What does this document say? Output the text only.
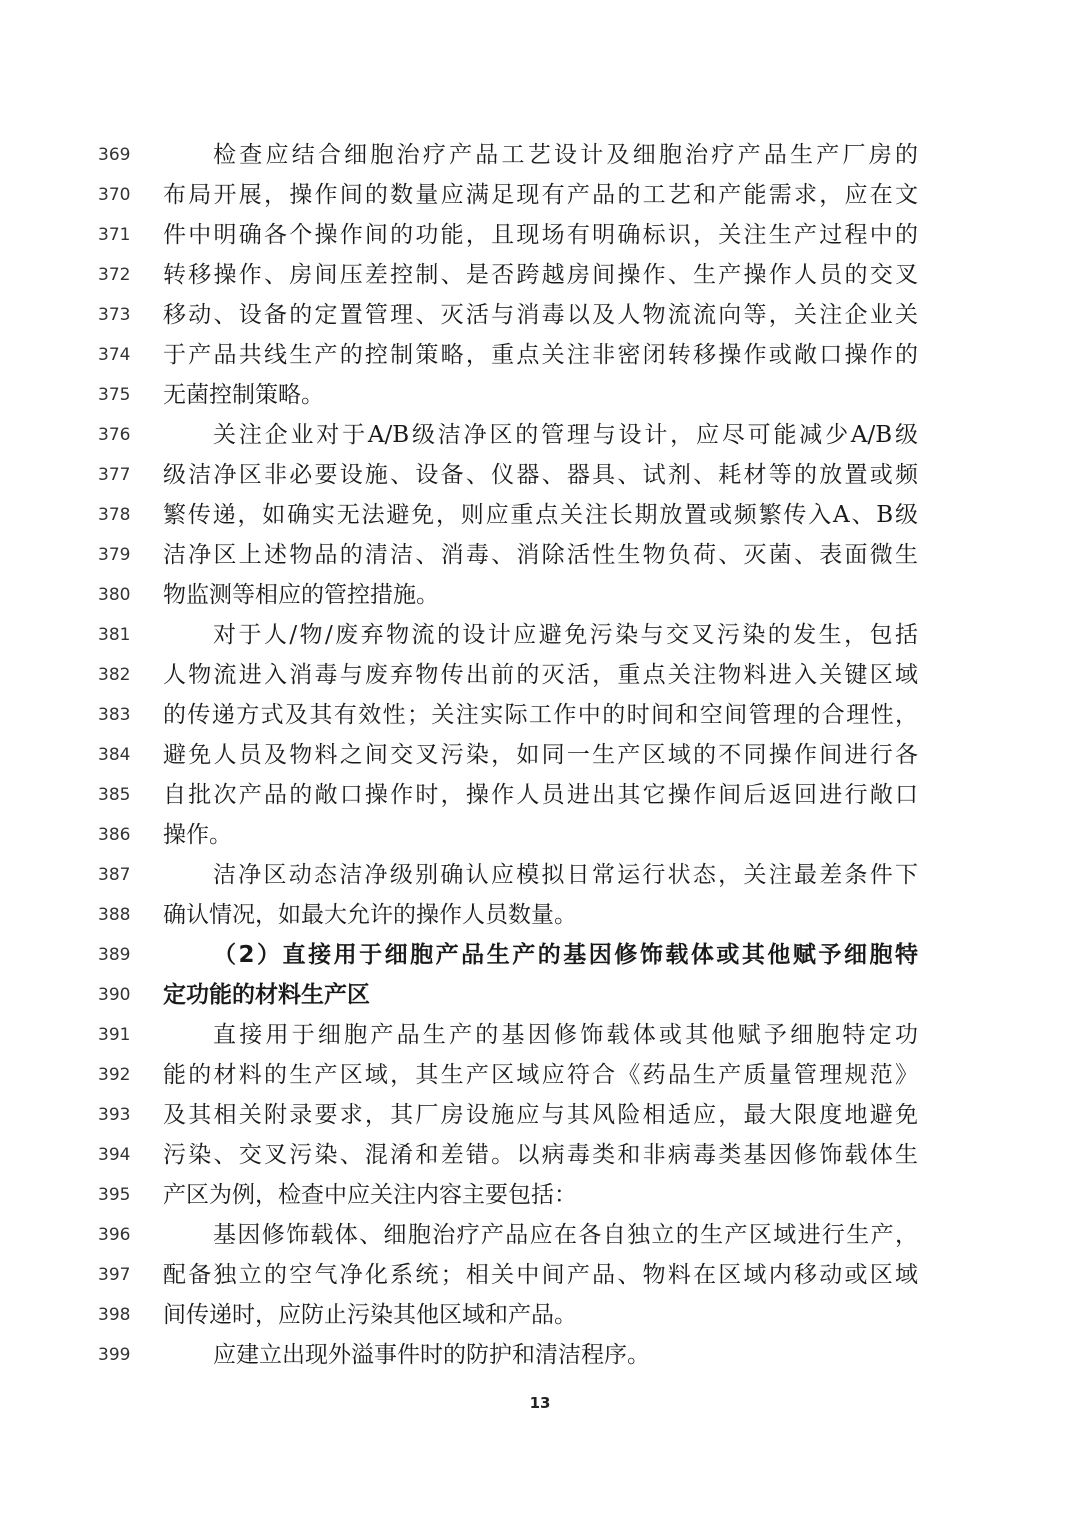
369	检查应结合细胞治疗产品工艺设计及细胞治疗产品生产厂房的
370	布局开展，操作间的数量应满足现有产品的工艺和产能需求，应在文
371	件中明确各个操作间的功能，且现场有明确标识，关注生产过程中的
372	转移操作、房间压差控制、是否跨越房间操作、生产操作人员的交叉
373	移动、设备的定置管理、灭活与消毒以及人物流流向等，关注企业关
374	于产品共线生产的控制策略，重点关注非密闭转移操作或敞口操作的
375	无菌控制策略。
376	关注企业对于A/B级洁净区的管理与设计，应尽可能减少A/B级
377	级洁净区非必要设施、设备、仪器、器具、试剂、耗材等的放置或频
378	繁传递，如确实无法避免，则应重点关注长期放置或频繁传入A、B级
379	洁净区上述物品的清洁、消毒、消除活性生物负荷、灭菌、表面微生
380	物监测等相应的管控措施。
381	对于人/物/废弃物流的设计应避免污染与交叉污染的发生，包括
382	人物流进入消毒与废弃物传出前的灭活，重点关注物料进入关键区域
383	的传递方式及其有效性；关注实际工作中的时间和空间管理的合理性，
384	避免人员及物料之间交叉污染，如同一生产区域的不同操作间进行各
385	自批次产品的敞口操作时，操作人员进出其它操作间后返回进行敞口
386	操作。
387	洁净区动态洁净级别确认应模拟日常运行状态，关注最差条件下
388	确认情况，如最大允许的操作人员数量。
389	（2）直接用于细胞产品生产的基因修饰载体或其他赋予细胞特
390	定功能的材料生产区
391	直接用于细胞产品生产的基因修饰载体或其他赋予细胞特定功
392	能的材料的生产区域，其生产区域应符合《药品生产质量管理规范》
393	及其相关附录要求，其厂房设施应与其风险相适应，最大限度地避免
394	污染、交叉污染、混淆和差错。以病毒类和非病毒类基因修饰载体生
395	产区为例，检查中应关注内容主要包括：
396	基因修饰载体、细胞治疗产品应在各自独立的生产区域进行生产，
397	配备独立的空气净化系统；相关中间产品、物料在区域内移动或区域
398	间传递时，应防止污染其他区域和产品。
399	应建立出现外溢事件时的防护和清洁程序。
13
